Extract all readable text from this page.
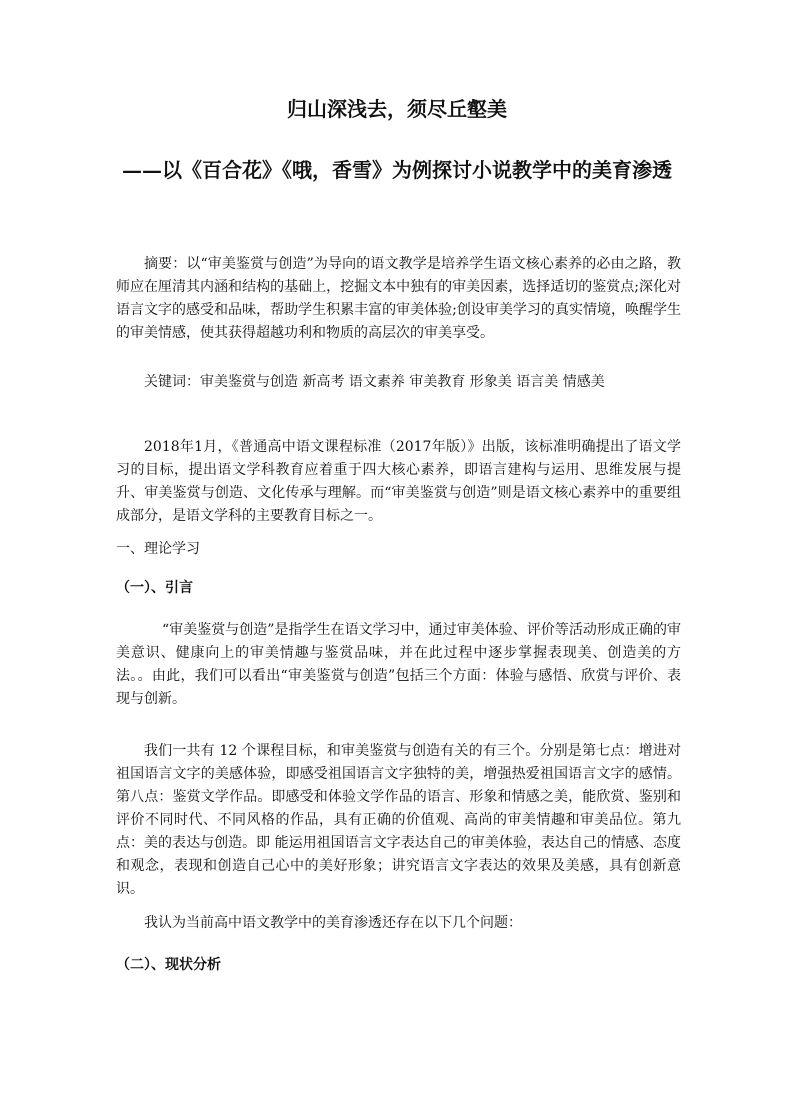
归山深浅去，须尽丘壑美
——以《百合花》《哦，香雪》为例探讨小说教学中的美育渗透
摘要：以“审美鉴赏与创造”为导向的语文教学是培养学生语文核心素养的必由之路，教师应在厘清其内涵和结构的基础上，挖掘文本中独有的审美因素，选择适切的鉴赏点;深化对语言文字的感受和品味，帮助学生积累丰富的审美体验;创设审美学习的真实情境，唤醒学生的审美情感，使其获得超越功利和物质的高层次的审美享受。
关键词：审美鉴赏与创造 新高考 语文素养 审美教育 形象美 语言美 情感美
2018年1月，《普通高中语文课程标准（2017年版）》出版，该标准明确提出了语文学习的目标，提出语文学科教育应着重于四大核心素养，即语言建构与运用、思维发展与提升、审美鉴赏与创造、文化传承与理解。而“审美鉴赏与创造”则是语文核心素养中的重要组成部分，是语文学科的主要教育目标之一。
一、理论学习
（一）、引言
“审美鉴赏与创造”是指学生在语文学习中，通过审美体验、评价等活动形成正确的审美意识、健康向上的审美情趣与鉴赏品味，并在此过程中逐步掌握表现美、创造美的方法。。由此，我们可以看出“审美鉴赏与创造”包括三个方面：体验与感悟、欣赏与评价、表现与创新。
我们一共有 12 个课程目标，和审美鉴赏与创造有关的有三个。分别是第七点：增进对祖国语言文字的美感体验，即感受祖国语言文字独特的美，增强热爱祖国语言文字的感情。第八点：鉴赏文学作品。即感受和体验文学作品的语言、形象和情感之美，能欣赏、鉴别和评价不同时代、不同风格的作品，具有正确的价值观、高尚的审美情趣和审美品位。第九点：美的表达与创造。即 能运用祖国语言文字表达自己的审美体验，表达自己的情感、态度和观念，表现和创造自己心中的美好形象；讲究语言文字表达的效果及美感，具有创新意识。
我认为当前高中语文教学中的美育渗透还存在以下几个问题：
（二）、现状分析
